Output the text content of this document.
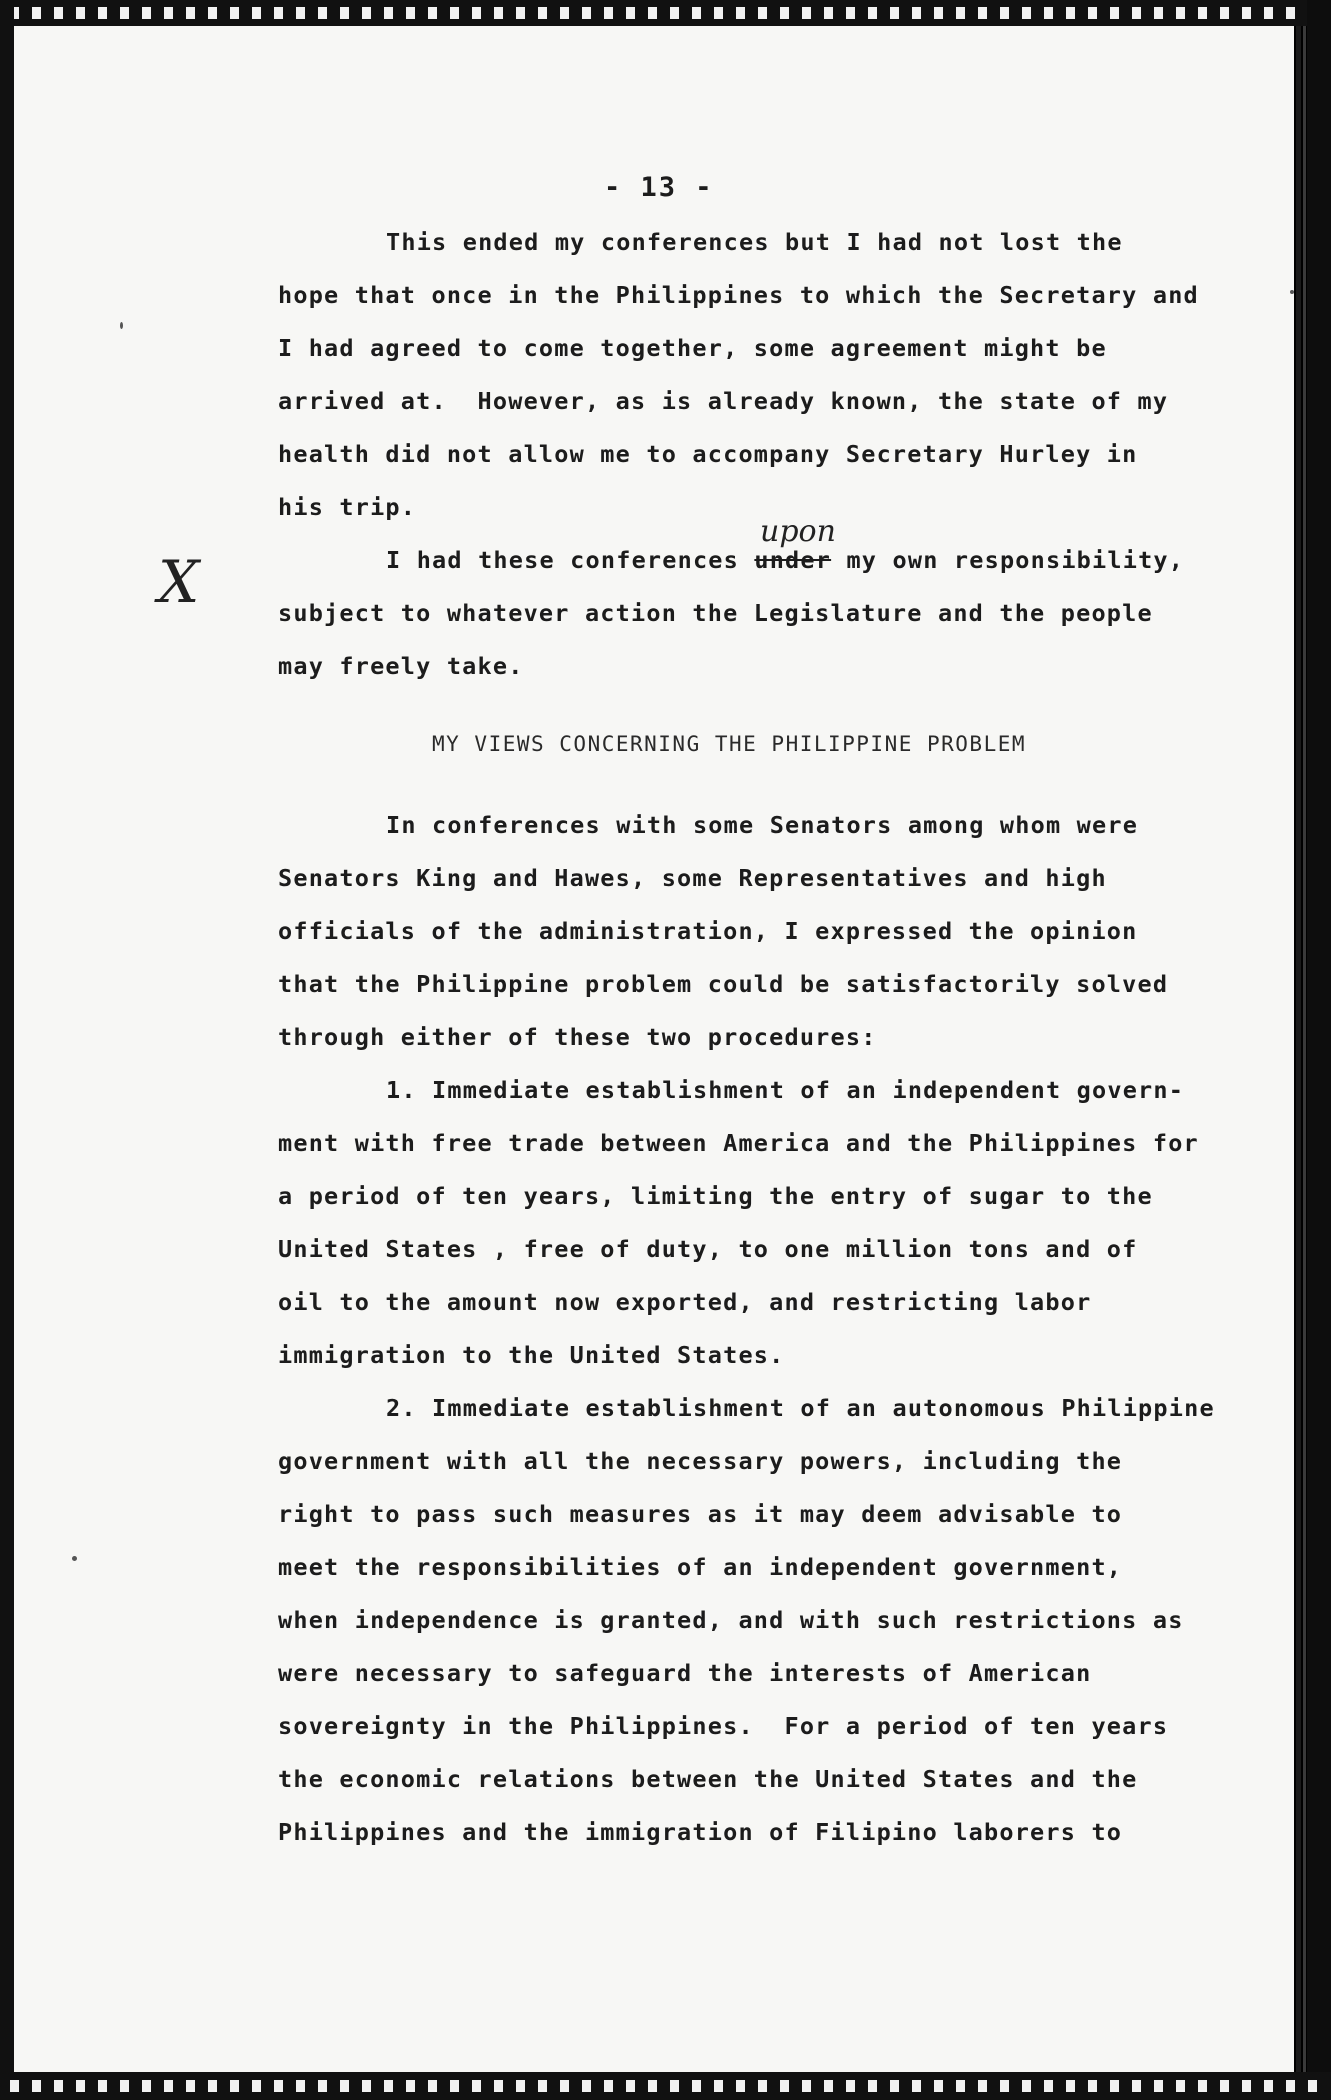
- 13 -
This ended my conferences but I had not lost the
hope that once in the Philippines to which the Secretary and
I had agreed to come together, some agreement might be
arrived at.  However, as is already known, the state of my
health did not allow me to accompany Secretary Hurley in
his trip.
X
upon
I had these conferences under my own responsibility,
subject to whatever action the Legislature and the people
may freely take.
MY VIEWS CONCERNING THE PHILIPPINE PROBLEM
In conferences with some Senators among whom were
Senators King and Hawes, some Representatives and high
officials of the administration, I expressed the opinion
that the Philippine problem could be satisfactorily solved
through either of these two procedures:
1. Immediate establishment of an independent govern-
ment with free trade between America and the Philippines for
a period of ten years, limiting the entry of sugar to the
United States , free of duty, to one million tons and of
oil to the amount now exported, and restricting labor
immigration to the United States.
2. Immediate establishment of an autonomous Philippine
government with all the necessary powers, including the
right to pass such measures as it may deem advisable to
meet the responsibilities of an independent government,
when independence is granted, and with such restrictions as
were necessary to safeguard the interests of American
sovereignty in the Philippines.  For a period of ten years
the economic relations between the United States and the
Philippines and the immigration of Filipino laborers to
